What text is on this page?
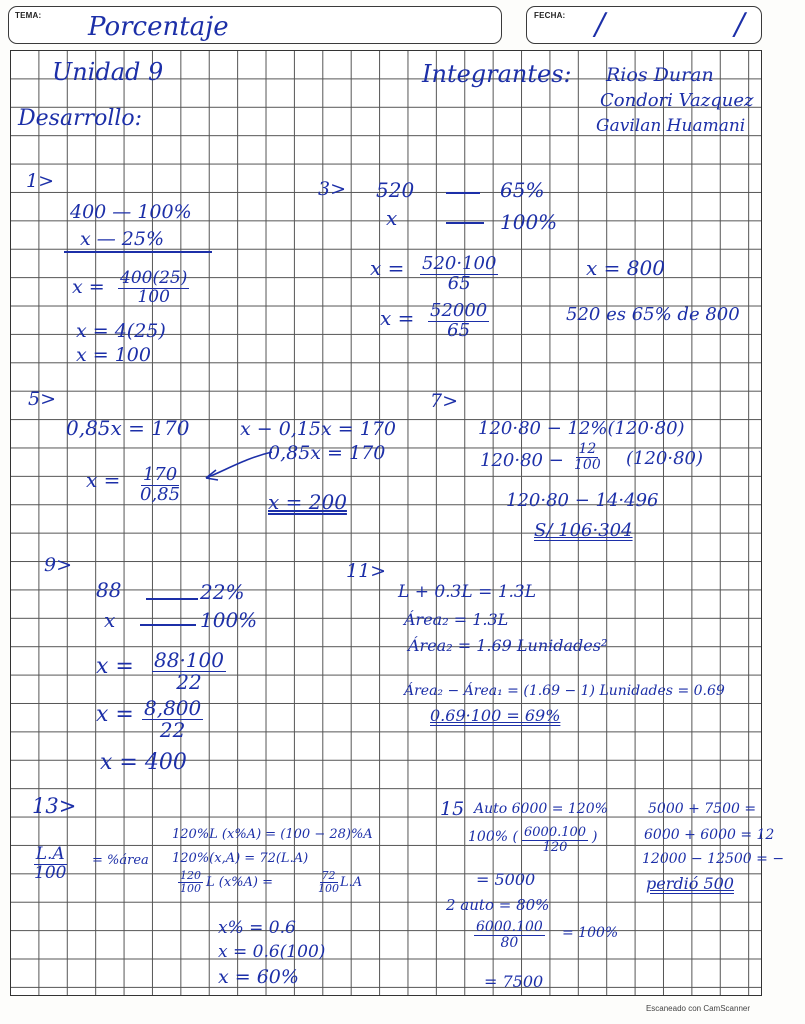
TEMA: Porcentaje	FECHA: / /
Unidad 9
Desarrollo:
Integrantes: Rios Duran
Condori Vazquez
Gavilan Huamani
1>
400 — 100%
x — 25%
$x = \frac{400(25)}{100}$
x = 4(25)
x = 100
3> 520	65%
x	100%
$x = \frac{520\cdot 100}{65}$	x = 800
$x = \frac{52000}{65}$	520 es 65% de 800
5>
0,85x = 170	x − 0,15x = 170
0,85x = 170
$x = \frac{170}{0,85}$	x = 200
7>
120·80 − 12%(120·80)
$120\cdot 80 - \frac{12}{100} (120\cdot 80)$
120·80 − 14·496
S/ 106·304
9>
88	22%
x	100%
$x = \frac{88\cdot 100}{22}$
$x = \frac{8,800}{22}$
x = 400
11>
L + 0.3L = 1.3L
Área₂ = 1.3L
Área₂ = 1.69 Lunidades²
Área₂ − Área₁ = (1.69 − 1) Lunidades = 0.69
0.69·100 = 69%
13>
$\frac{L.A}{100}$ = %área
120%L (x%A) = (100 − 28)%A
120%(x,A) = 72(L.A)
$\frac{120}{100}$ L (x%A) =	$\frac{72}{100} L.A$
x% = 0.6
x = 0.6(100)
x = 60%
15 Auto 6000 = 120%
100% ( $\frac{6000.100}{120}$ )
= 5000
2 auto = 80%
$\frac{6000.100}{80} = 100\%$
= 7500
5000 + 7500 =
6000 + 6000 = 12
12000 − 12500 = −
perdió 500
Escaneado con CamScanner
